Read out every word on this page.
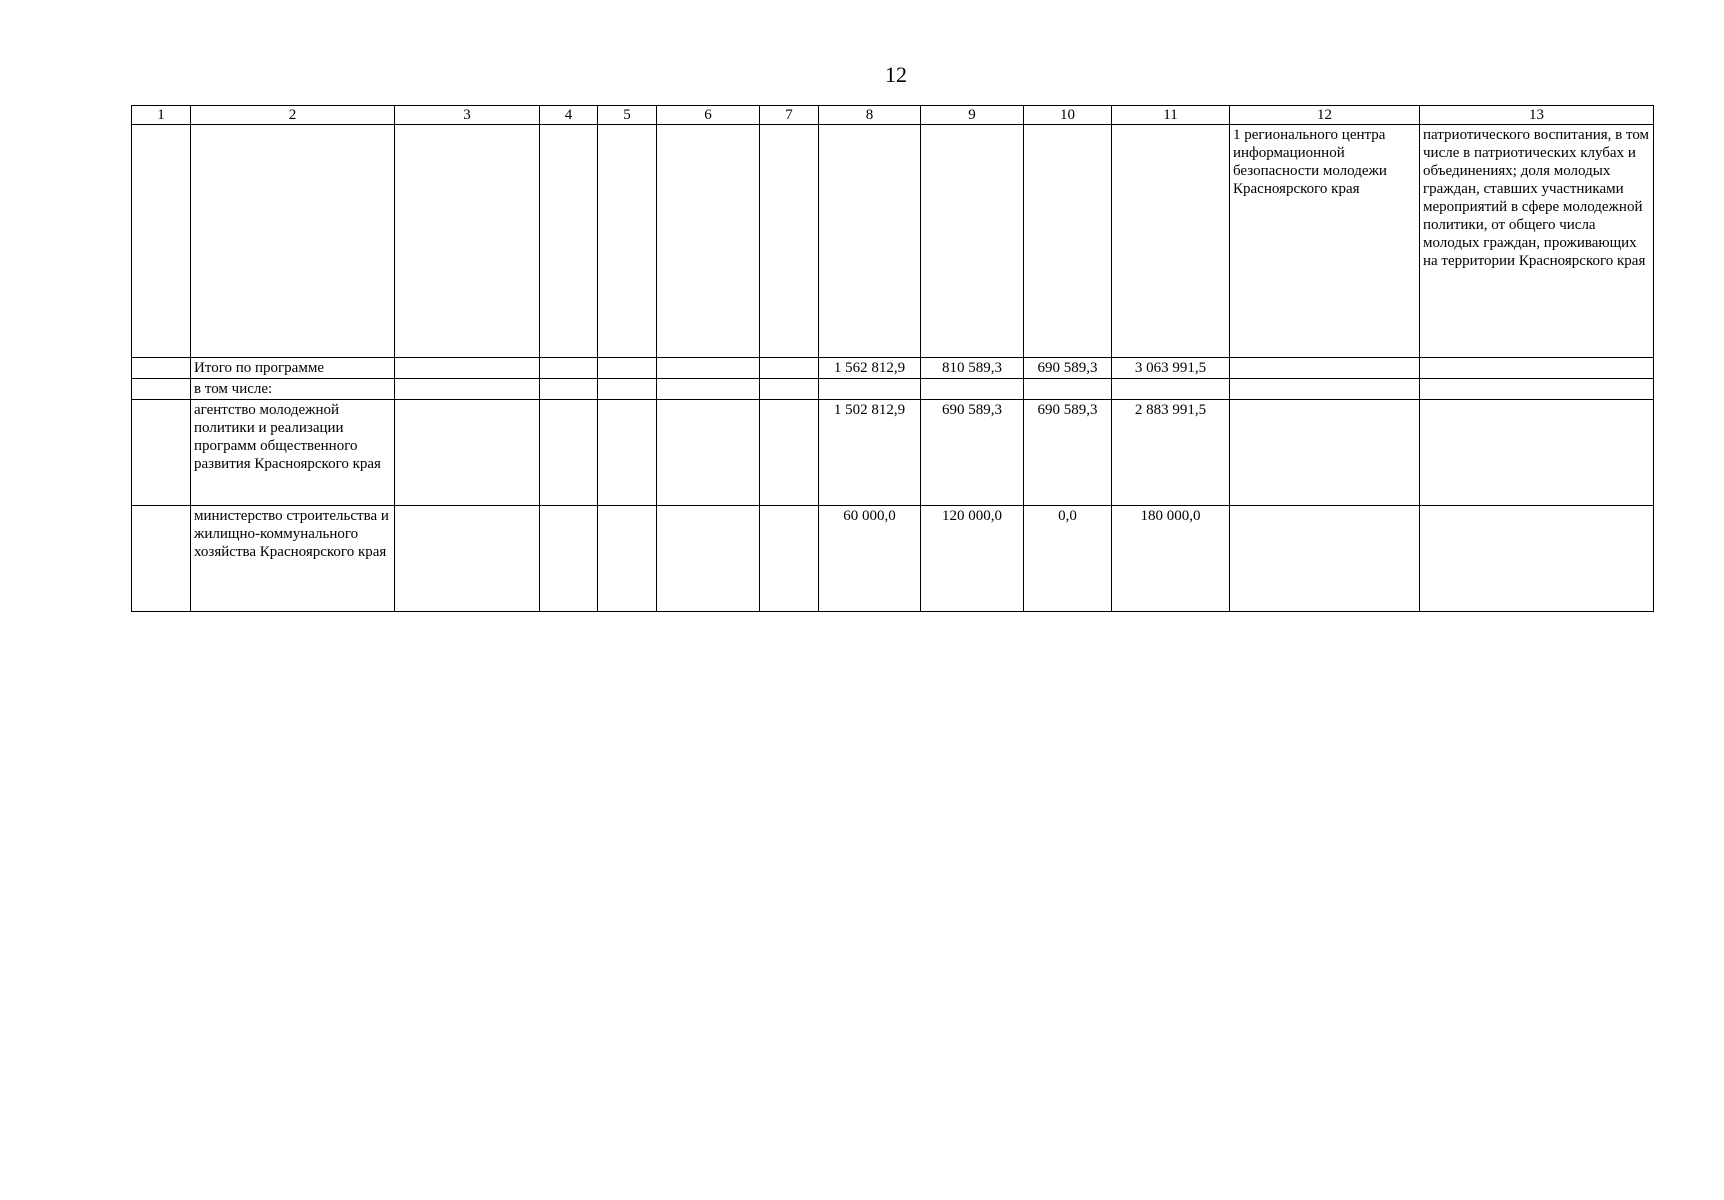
12
1	2	3	4	5	6	7	8	9	10	11	12	13
											1 регионального центра информационной безопасности молодежи Красноярского края	патриотического воспитания, в том числе в патриотических клубах и объединениях; доля молодых граждан, ставших участниками мероприятий в сфере молодежной политики, от общего числа молодых граждан, проживающих на территории Красноярского края
	Итого по программе						1 562 812,9	810 589,3	690 589,3	3 063 991,5		
	в том числе:											
	агентство молодежной политики и реализации программ общественного развития Красноярского края						1 502 812,9	690 589,3	690 589,3	2 883 991,5		
	министерство строительства и жилищно-коммунального хозяйства Красноярского края						60 000,0	120 000,0	0,0	180 000,0		
